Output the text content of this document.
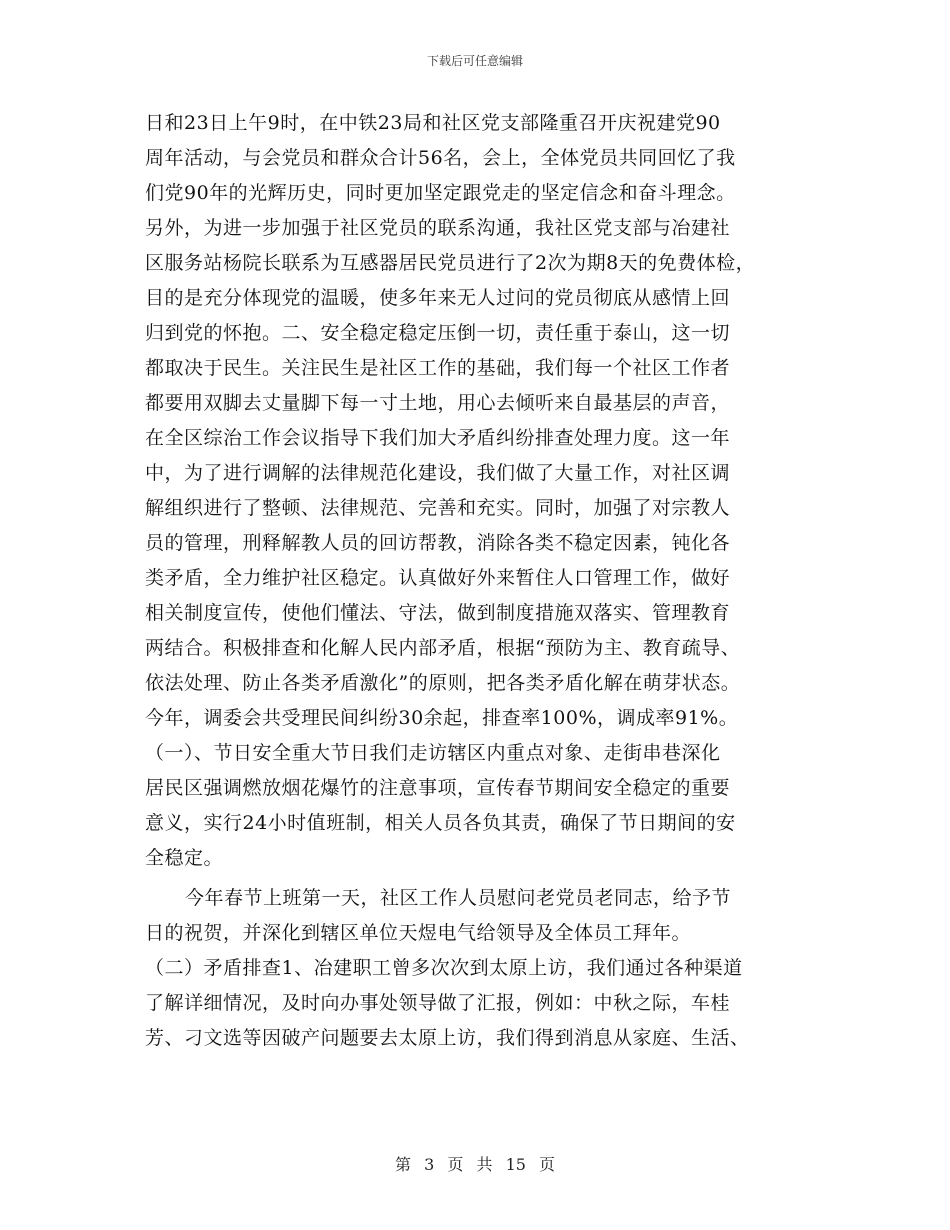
下载后可任意编辑
日和23日上午9时，在中铁23局和社区党支部隆重召开庆祝建党90
周年活动，与会党员和群众合计56名，会上，全体党员共同回忆了我
们党90年的光辉历史，同时更加坚定跟党走的坚定信念和奋斗理念。
另外，为进一步加强于社区党员的联系沟通，我社区党支部与冶建社
区服务站杨院长联系为互感器居民党员进行了2次为期8天的免费体检，
目的是充分体现党的温暖，使多年来无人过问的党员彻底从感情上回
归到党的怀抱。二、安全稳定稳定压倒一切，责任重于泰山，这一切
都取决于民生。关注民生是社区工作的基础，我们每一个社区工作者
都要用双脚去丈量脚下每一寸土地，用心去倾听来自最基层的声音，
在全区综治工作会议指导下我们加大矛盾纠纷排查处理力度。这一年
中，为了进行调解的法律规范化建设，我们做了大量工作，对社区调
解组织进行了整顿、法律规范、完善和充实。同时，加强了对宗教人
员的管理，刑释解教人员的回访帮教，消除各类不稳定因素，钝化各
类矛盾，全力维护社区稳定。认真做好外来暂住人口管理工作，做好
相关制度宣传，使他们懂法、守法，做到制度措施双落实、管理教育
两结合。积极排查和化解人民内部矛盾，根据“预防为主、教育疏导、
依法处理、防止各类矛盾激化”的原则，把各类矛盾化解在萌芽状态。
今年，调委会共受理民间纠纷30余起，排查率100%，调成率91%。
（一）、节日安全重大节日我们走访辖区内重点对象、走街串巷深化
居民区强调燃放烟花爆竹的注意事项，宣传春节期间安全稳定的重要
意义，实行24小时值班制，相关人员各负其责，确保了节日期间的安
全稳定。
今年春节上班第一天，社区工作人员慰问老党员老同志，给予节
日的祝贺，并深化到辖区单位天煜电气给领导及全体员工拜年。
（二）矛盾排查1、冶建职工曾多次次到太原上访，我们通过各种渠道
了解详细情况，及时向办事处领导做了汇报，例如：中秋之际，车桂
芳、刁文选等因破产问题要去太原上访，我们得到消息从家庭、生活、
第 3 页 共 15 页
